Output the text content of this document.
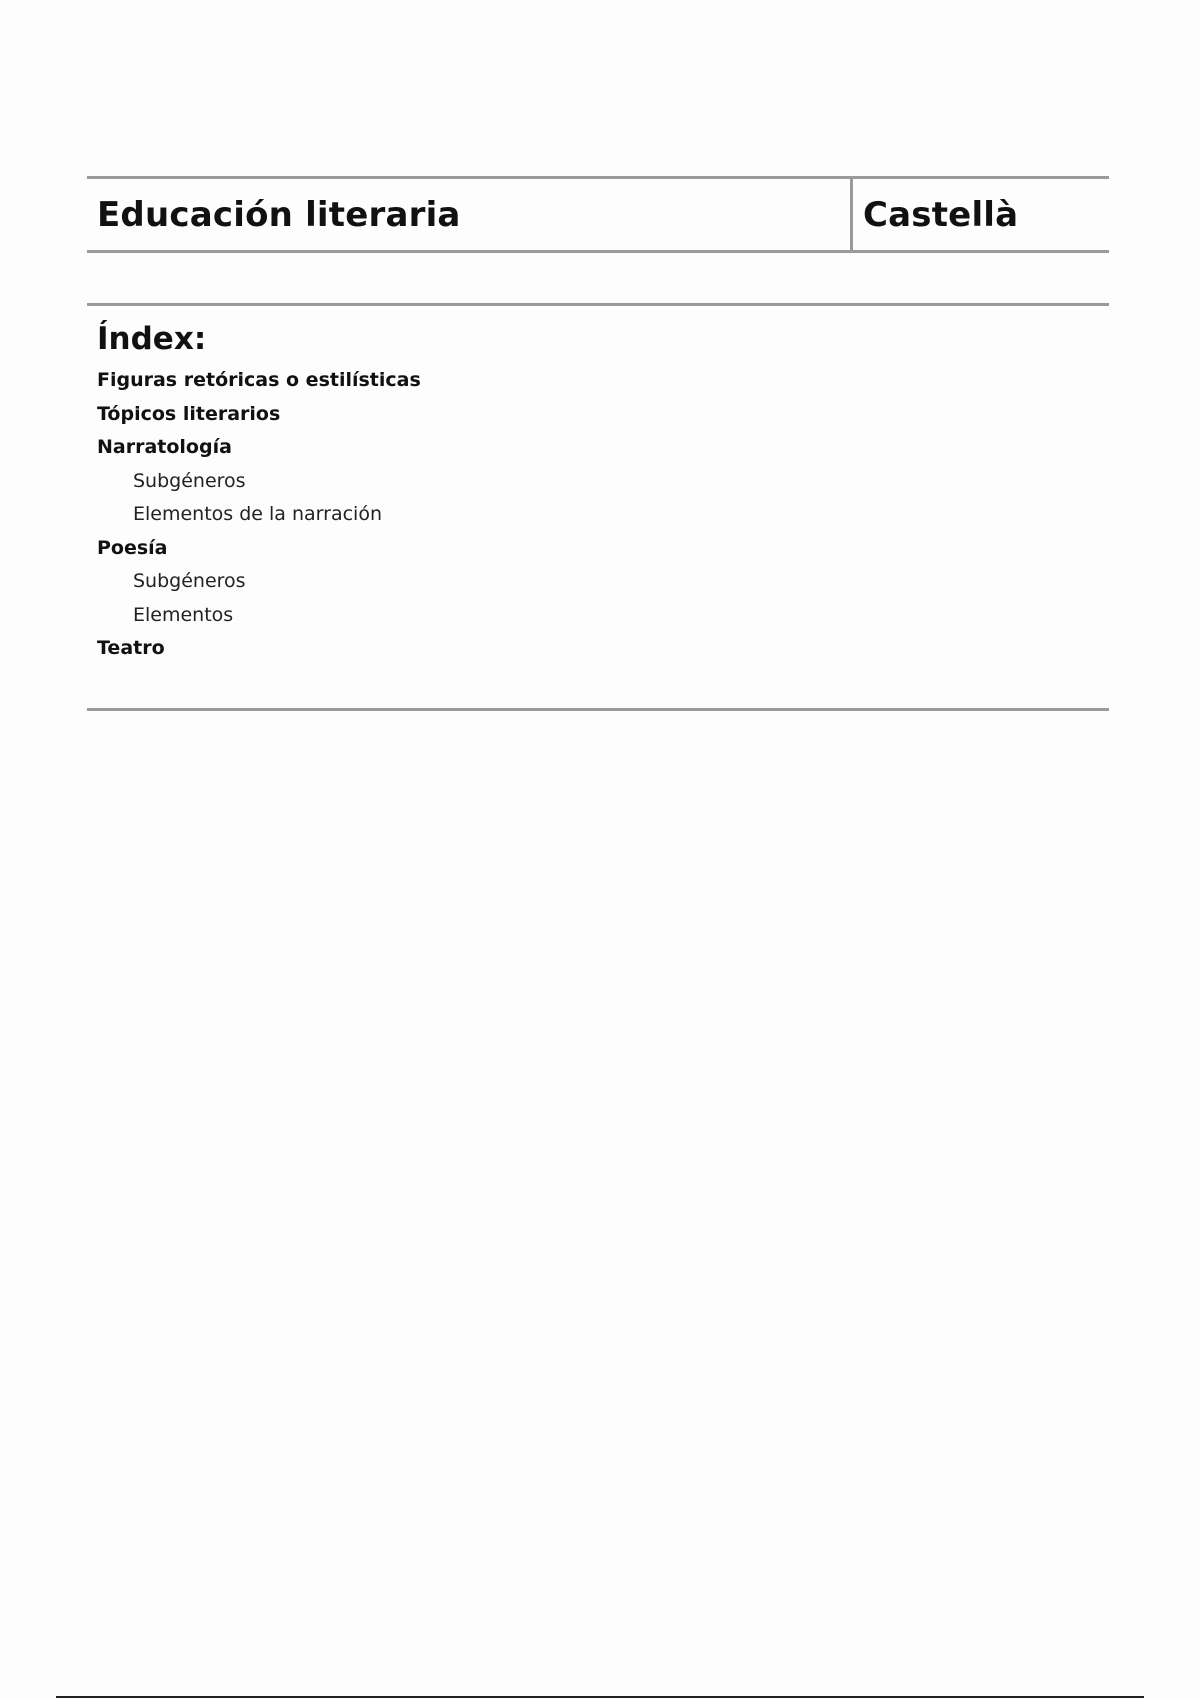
Educación literaria	Castellà
Índex:
Figuras retóricas o estilísticas
Tópicos literarios
Narratología
Subgéneros
Elementos de la narración
Poesía
Subgéneros
Elementos
Teatro
